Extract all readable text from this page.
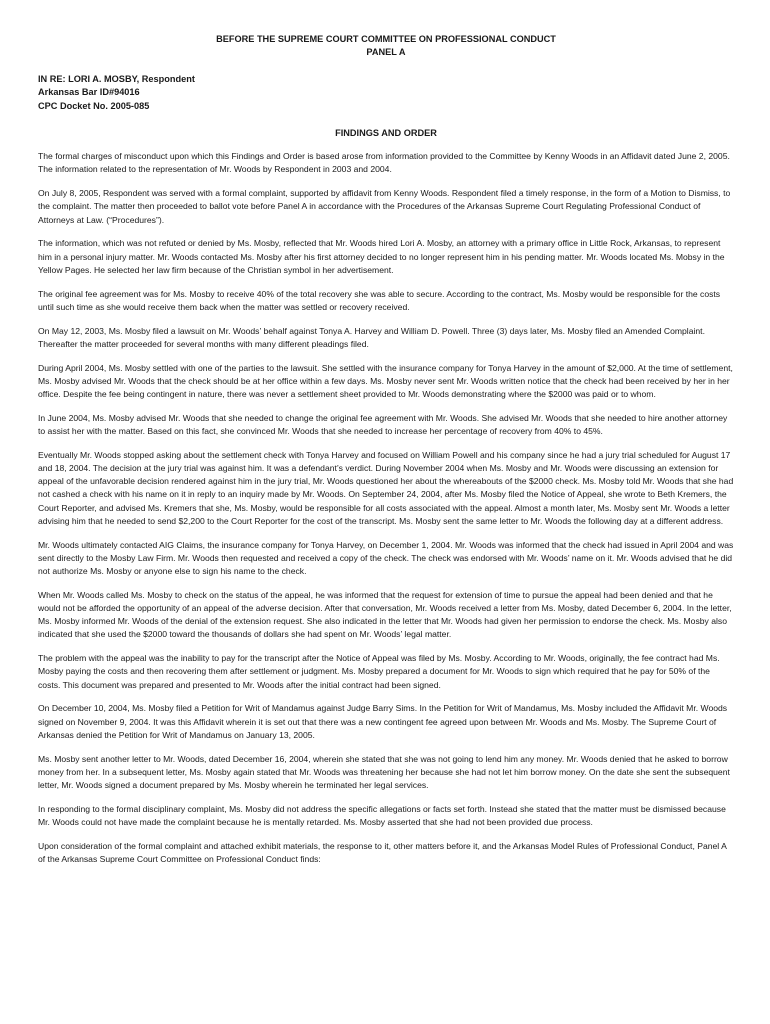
BEFORE THE SUPREME COURT COMMITTEE ON PROFESSIONAL CONDUCT
PANEL A
IN RE: LORI A. MOSBY, Respondent
Arkansas Bar ID#94016
CPC Docket No. 2005-085
FINDINGS AND ORDER

The formal charges of misconduct upon which this Findings and Order is based arose from information provided to the Committee by Kenny Woods in an Affidavit dated June 2, 2005. The information related to the representation of Mr. Woods by Respondent in 2003 and 2004.

On July 8, 2005, Respondent was served with a formal complaint, supported by affidavit from Kenny Woods. Respondent filed a timely response, in the form of a Motion to Dismiss, to the complaint. The matter then proceeded to ballot vote before Panel A in accordance with the Procedures of the Arkansas Supreme Court Regulating Professional Conduct of Attorneys at Law. (“Procedures”).

The information, which was not refuted or denied by Ms. Mosby, reflected that Mr. Woods hired Lori A. Mosby, an attorney with a primary office in Little Rock, Arkansas, to represent him in a personal injury matter. Mr. Woods contacted Ms. Mosby after his first attorney decided to no longer represent him in his pending matter. Mr. Woods located Ms. Mobsy in the Yellow Pages. He selected her law firm because of the Christian symbol in her advertisement.

The original fee agreement was for Ms. Mosby to receive 40% of the total recovery she was able to secure. According to the contract, Ms. Mosby would be responsible for the costs until such time as she would receive them back when the matter was settled or recovery received.

On May 12, 2003, Ms. Mosby filed a lawsuit on Mr. Woods’ behalf against Tonya A. Harvey and William D. Powell. Three (3) days later, Ms. Mosby filed an Amended Complaint. Thereafter the matter proceeded for several months with many different pleadings filed.

During April 2004, Ms. Mosby settled with one of the parties to the lawsuit. She settled with the insurance company for Tonya Harvey in the amount of $2,000. At the time of settlement, Ms. Mosby advised Mr. Woods that the check should be at her office within a few days. Ms. Mosby never sent Mr. Woods written notice that the check had been received by her in her office. Despite the fee being contingent in nature, there was never a settlement sheet provided to Mr. Woods demonstrating where the $2000 was paid or to whom.

In June 2004, Ms. Mosby advised Mr. Woods that she needed to change the original fee agreement with Mr. Woods. She advised Mr. Woods that she needed to hire another attorney to assist her with the matter. Based on this fact, she convinced Mr. Woods that she needed to increase her percentage of recovery from 40% to 45%.

Eventually Mr. Woods stopped asking about the settlement check with Tonya Harvey and focused on William Powell and his company since he had a jury trial scheduled for August 17 and 18, 2004. The decision at the jury trial was against him. It was a defendant’s verdict. During November 2004 when Ms. Mosby and Mr. Woods were discussing an extension for appeal of the unfavorable decision rendered against him in the jury trial, Mr. Woods questioned her about the whereabouts of the $2000 check. Ms. Mosby told Mr. Woods that she had not cashed a check with his name on it in reply to an inquiry made by Mr. Woods. On September 24, 2004, after Ms. Mosby filed the Notice of Appeal, she wrote to Beth Kremers, the Court Reporter, and advised Ms. Kremers that she, Ms. Mosby, would be responsible for all costs associated with the appeal. Almost a month later, Ms. Mosby sent Mr. Woods a letter advising him that he needed to send $2,200 to the Court Reporter for the cost of the transcript. Ms. Mosby sent the same letter to Mr. Woods the following day at a different address.

Mr. Woods ultimately contacted AIG Claims, the insurance company for Tonya Harvey, on December 1, 2004. Mr. Woods was informed that the check had issued in April 2004 and was sent directly to the Mosby Law Firm. Mr. Woods then requested and received a copy of the check. The check was endorsed with Mr. Woods’ name on it. Mr. Woods advised that he did not authorize Ms. Mosby or anyone else to sign his name to the check.

When Mr. Woods called Ms. Mosby to check on the status of the appeal, he was informed that the request for extension of time to pursue the appeal had been denied and that he would not be afforded the opportunity of an appeal of the adverse decision. After that conversation, Mr. Woods received a letter from Ms. Mosby, dated December 6, 2004. In the letter, Ms. Mosby informed Mr. Woods of the denial of the extension request. She also indicated in the letter that Mr. Woods had given her permission to endorse the check. Ms. Mosby also indicated that she used the $2000 toward the thousands of dollars she had spent on Mr. Woods’ legal matter.

The problem with the appeal was the inability to pay for the transcript after the Notice of Appeal was filed by Ms. Mosby. According to Mr. Woods, originally, the fee contract had Ms. Mosby paying the costs and then recovering them after settlement or judgment. Ms. Mosby prepared a document for Mr. Woods to sign which required that he pay for 50% of the costs. This document was prepared and presented to Mr. Woods after the initial contract had been signed.

On December 10, 2004, Ms. Mosby filed a Petition for Writ of Mandamus against Judge Barry Sims. In the Petition for Writ of Mandamus, Ms. Mosby included the Affidavit Mr. Woods signed on November 9, 2004. It was this Affidavit wherein it is set out that there was a new contingent fee agreed upon between Mr. Woods and Ms. Mosby. The Supreme Court of Arkansas denied the Petition for Writ of Mandamus on January 13, 2005.

Ms. Mosby sent another letter to Mr. Woods, dated December 16, 2004, wherein she stated that she was not going to lend him any money. Mr. Woods denied that he asked to borrow money from her. In a subsequent letter, Ms. Mosby again stated that Mr. Woods was threatening her because she had not let him borrow money. On the date she sent the subsequent letter, Mr. Woods signed a document prepared by Ms. Mosby wherein he terminated her legal services.

In responding to the formal disciplinary complaint, Ms. Mosby did not address the specific allegations or facts set forth. Instead she stated that the matter must be dismissed because Mr. Woods could not have made the complaint because he is mentally retarded. Ms. Mosby asserted that she had not been provided due process.

Upon consideration of the formal complaint and attached exhibit materials, the response to it, other matters before it, and the Arkansas Model Rules of Professional Conduct, Panel A of the Arkansas Supreme Court Committee on Professional Conduct finds:
